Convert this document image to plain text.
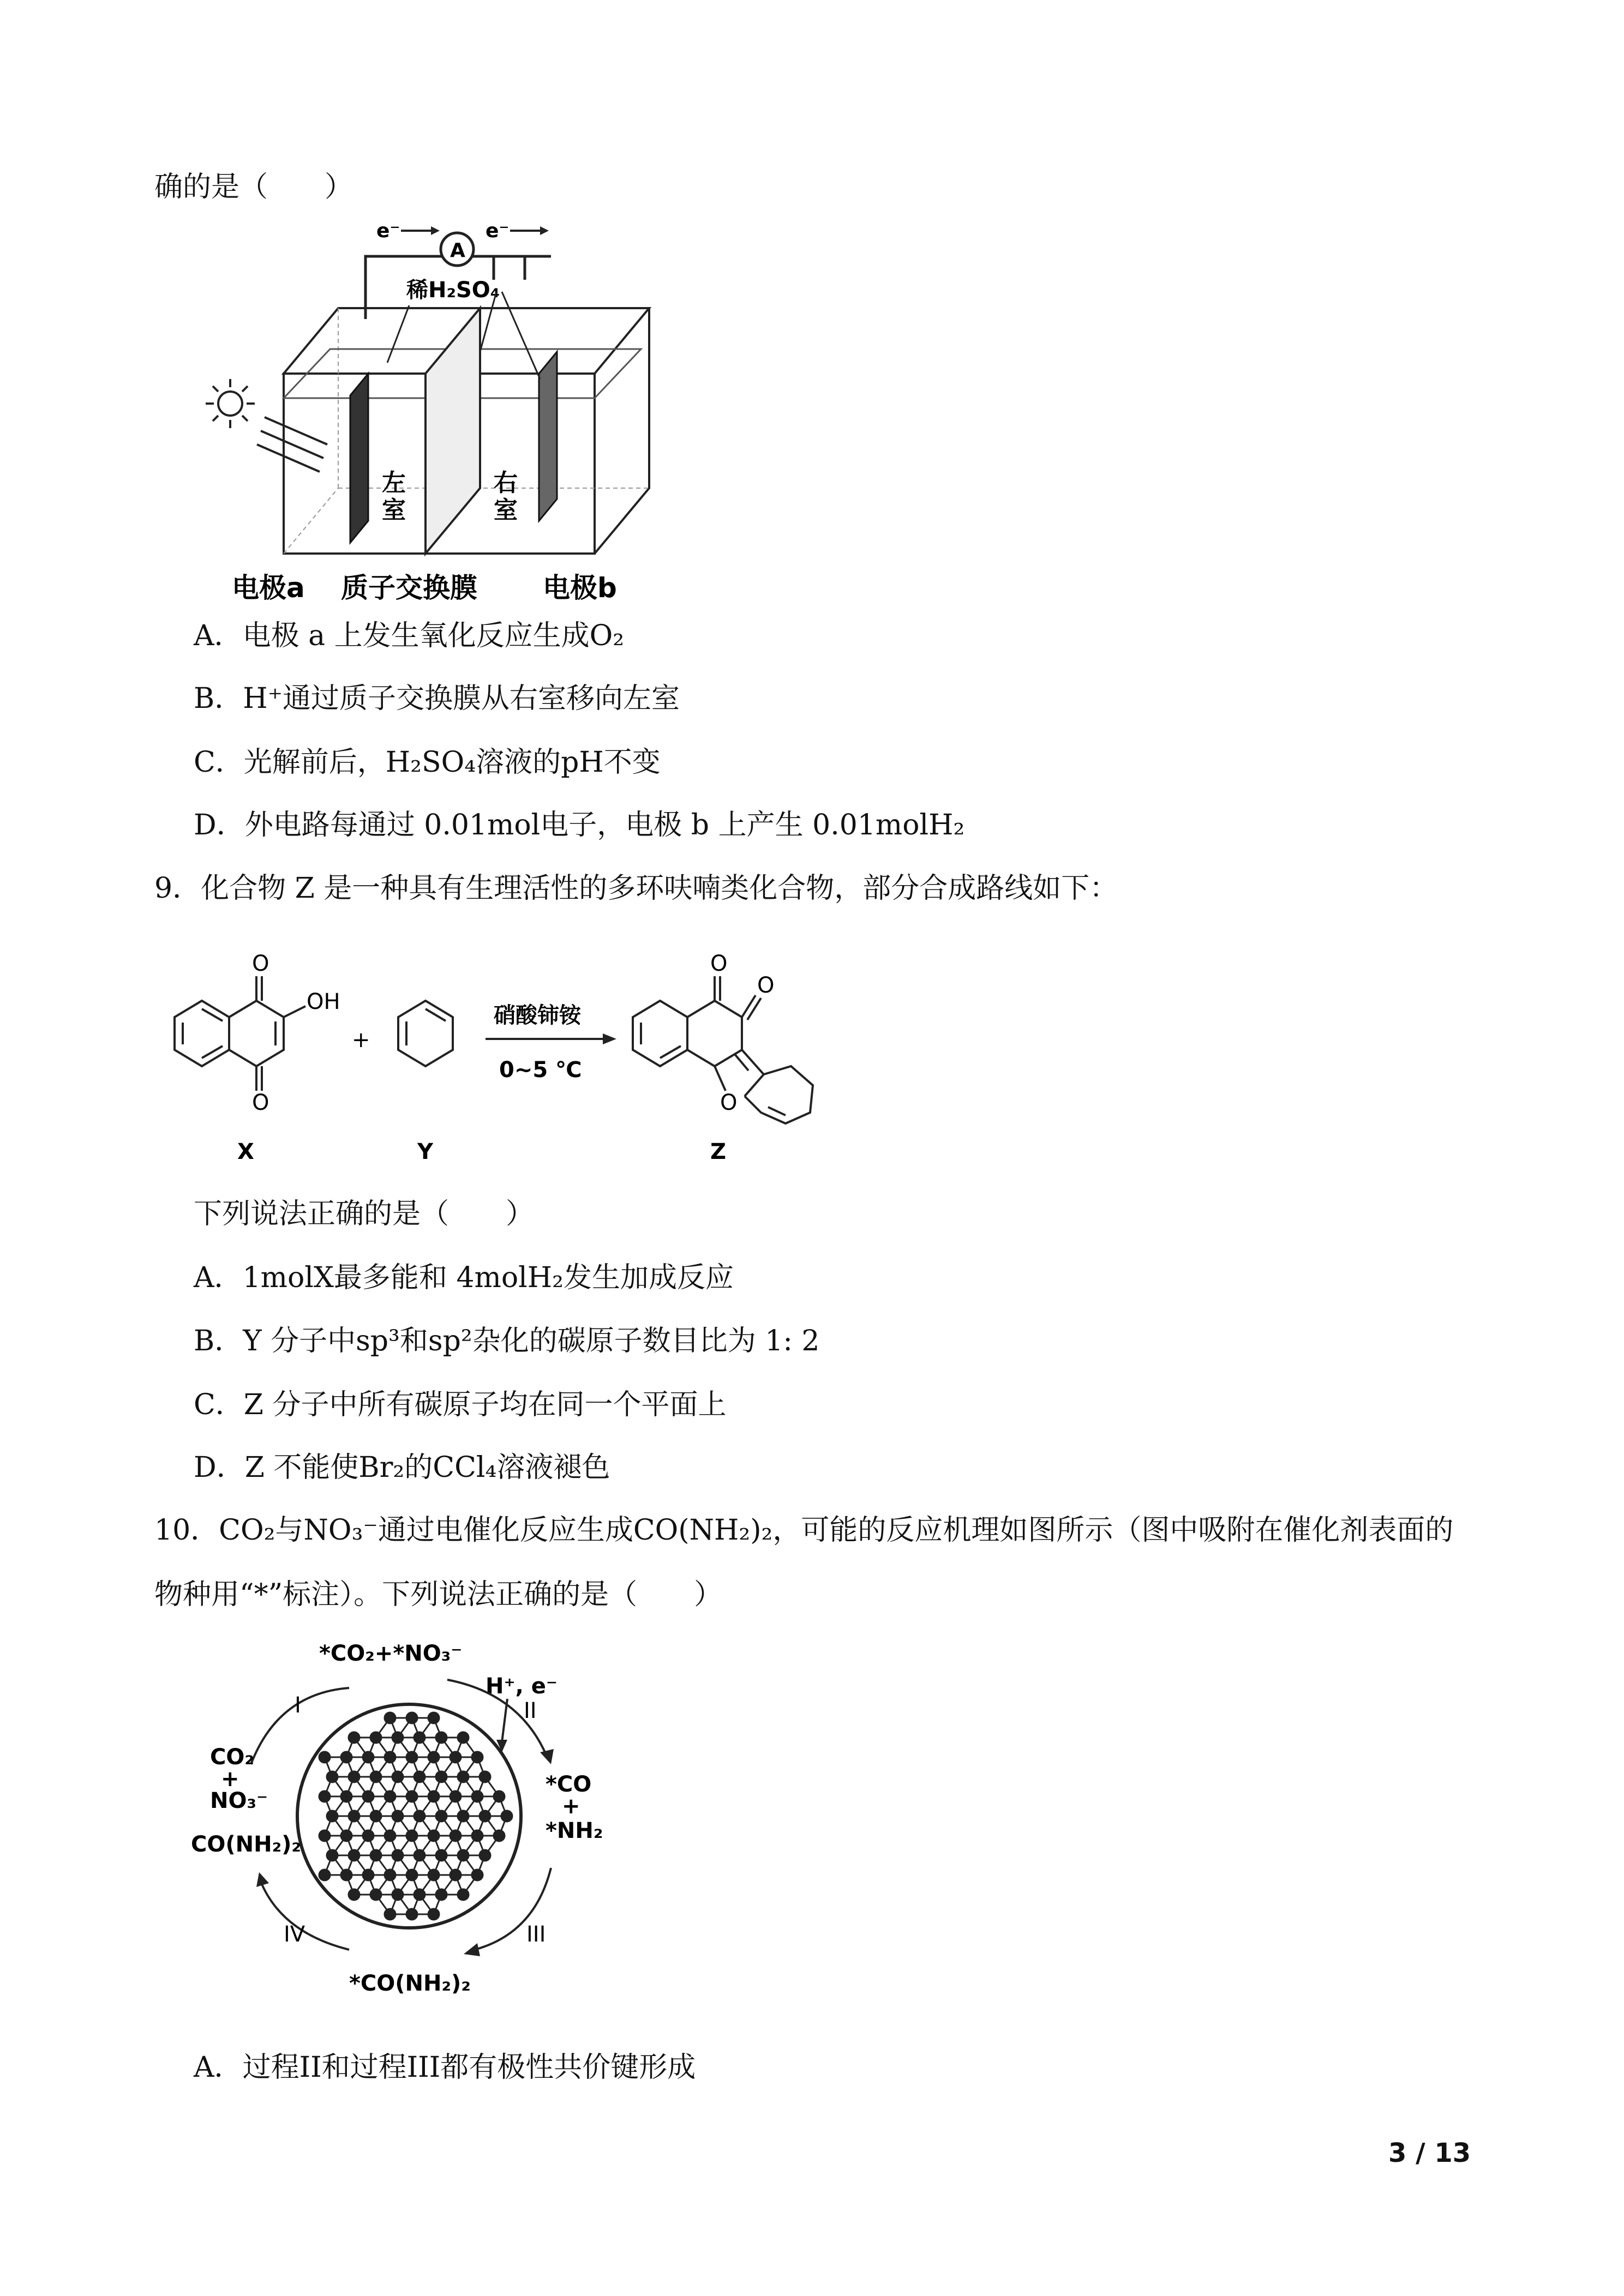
确的是（　　）
A
e⁻	e⁻
稀H₂SO₄
左
室
右
室
电极a 质子交换膜 电极b
A．电极 a 上发生氧化反应生成O₂
B．H⁺通过质子交换膜从右室移向左室
C．光解前后，H₂SO₄溶液的pH不变
D．外电路每通过 0.01mol电子，电极 b 上产生 0.01molH₂
9．化合物 Z 是一种具有生理活性的多环呋喃类化合物，部分合成路线如下：
O
O
OH
X
+
Y
硝酸铈铵
0~5 ℃
O
O
O
Z
下列说法正确的是（　　）
A．1molX最多能和 4molH₂发生加成反应
B．Y 分子中sp³和sp²杂化的碳原子数目比为 1: 2
C．Z 分子中所有碳原子均在同一个平面上
D．Z 不能使Br₂的CCl₄溶液褪色
10．CO₂与NO₃⁻通过电催化反应生成CO(NH₂)₂，可能的反应机理如图所示（图中吸附在催化剂表面的
物种用“*”标注）。下列说法正确的是（　　）
*CO₂+*NO₃⁻
H⁺, e⁻
I	II
III
IV
CO₂
+
NO₃⁻
CO(NH₂)₂
*CO
+
*NH₂
*CO(NH₂)₂
A．过程II和过程III都有极性共价键形成
3 / 13
